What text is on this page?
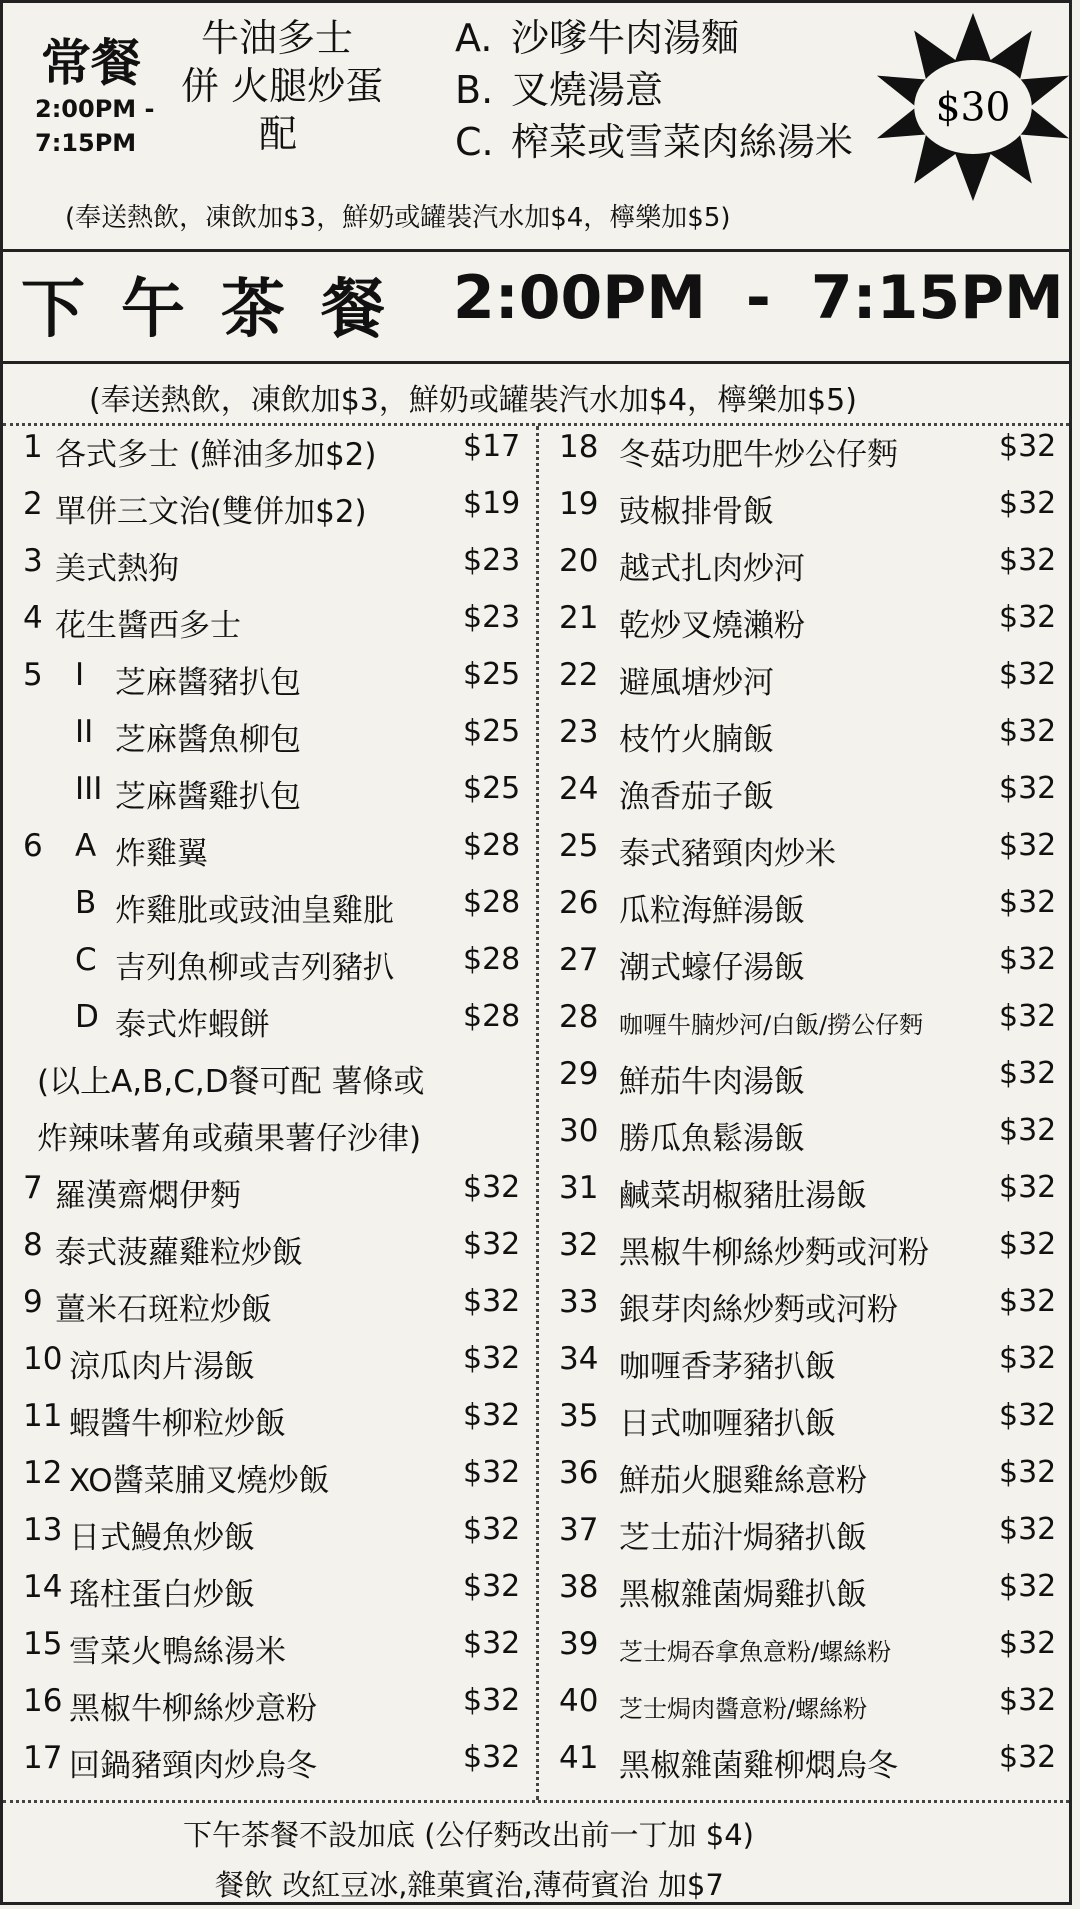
常餐
2:00PM -
7:15PM
牛油多士
併 火腿炒蛋
配
A. 沙嗲牛肉湯麵
B. 叉燒湯意
C. 榨菜或雪菜肉絲湯米
$30
(奉送熱飲，凍飲加$3，鮮奶或罐裝汽水加$4，檸樂加$5)
下午茶餐 2:00PM - 7:15PM
(奉送熱飲，凍飲加$3，鮮奶或罐裝汽水加$4，檸樂加$5)
1 各式多士 (鮮油多加$2)	$17
2 單併三文治(雙併加$2)	$19
3 美式熱狗	$23
4 花生醬西多士	$23
5 I 芝麻醬豬扒包	$25
II 芝麻醬魚柳包	$25
III 芝麻醬雞扒包	$25
6 A 炸雞翼	$28
B 炸雞肶或豉油皇雞肶 $28
C 吉列魚柳或吉列豬扒 $28
D 泰式炸蝦餅	$28
(以上A,B,C,D餐可配 薯條或
炸辣味薯角或蘋果薯仔沙律)
7 羅漢齋燜伊麪	$32
8 泰式菠蘿雞粒炒飯	$32
9 薑米石斑粒炒飯	$32
10 涼瓜肉片湯飯	$32
11 蝦醬牛柳粒炒飯	$32
12 XO醬菜脯叉燒炒飯	$32
13 日式鰻魚炒飯	$32
14 瑤柱蛋白炒飯	$32
15 雪菜火鴨絲湯米	$32
16 黑椒牛柳絲炒意粉	$32
17 回鍋豬頸肉炒烏冬	$32
18 冬菇功肥牛炒公仔麪	$32
19 豉椒排骨飯	$32
20 越式扎肉炒河	$32
21 乾炒叉燒瀨粉	$32
22 避風塘炒河	$32
23 枝竹火腩飯	$32
24 漁香茄子飯	$32
25 泰式豬頸肉炒米	$32
26 瓜粒海鮮湯飯	$32
27 潮式蠔仔湯飯	$32
28 咖喱牛腩炒河/白飯/撈公仔麪	$32
29 鮮茄牛肉湯飯	$32
30 勝瓜魚鬆湯飯	$32
31 鹹菜胡椒豬肚湯飯	$32
32 黑椒牛柳絲炒麪或河粉 $32
33 銀芽肉絲炒麪或河粉	$32
34 咖喱香茅豬扒飯	$32
35 日式咖喱豬扒飯	$32
36 鮮茄火腿雞絲意粉	$32
37 芝士茄汁焗豬扒飯	$32
38 黑椒雜菌焗雞扒飯	$32
39 芝士焗吞拿魚意粉/螺絲粉	$32
40 芝士焗肉醬意粉/螺絲粉	$32
41 黑椒雜菌雞柳燜烏冬	$32
下午茶餐不設加底 (公仔麪改出前一丁加 $4)
餐飲 改紅豆冰,雜菓賓治,薄荷賓治 加$7
